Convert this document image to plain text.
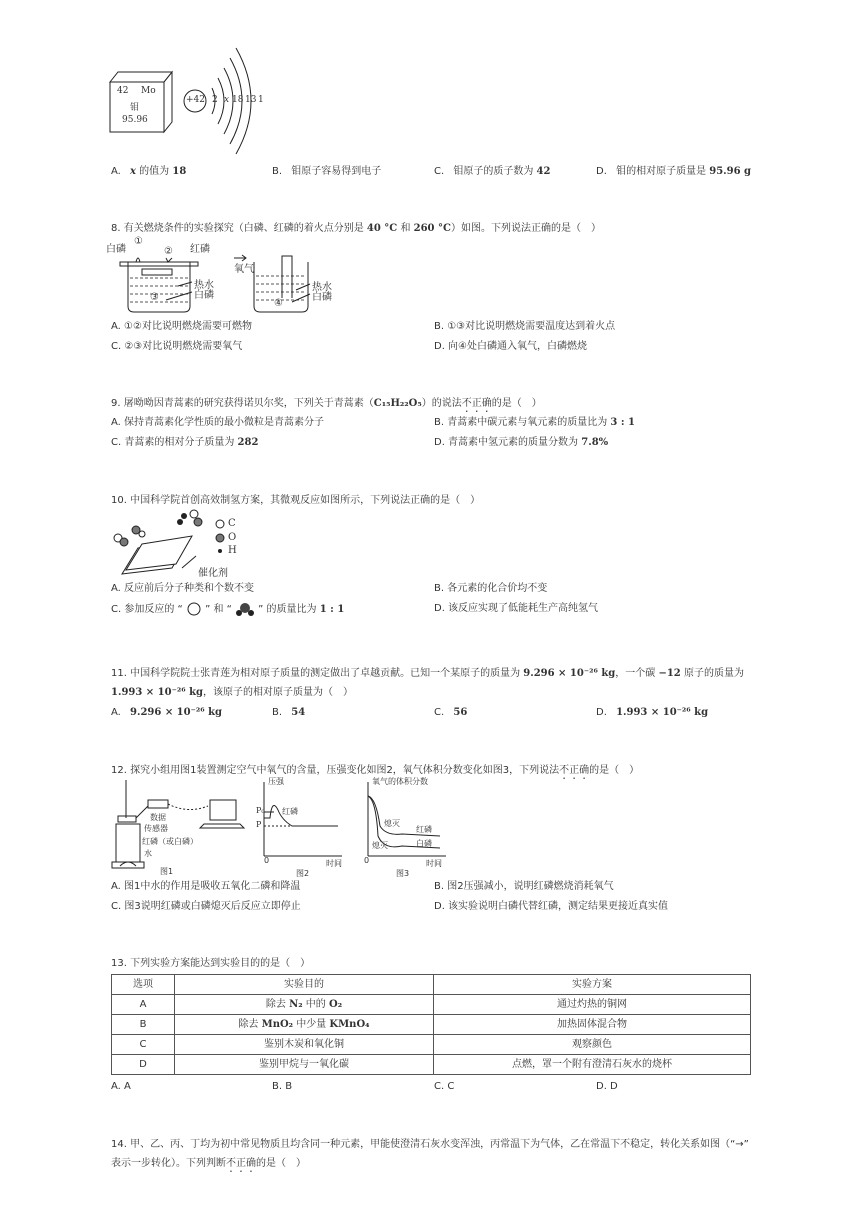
42 Mo
钼
95.96
+42 2 x 18 13 1
A. x 的值为 18	B. 钼原子容易得到电子	C. 钼原子的质子数为 42	D. 钼的相对原子质量是 95.96 g
8. 有关燃烧条件的实验探究（白磷、红磷的着火点分别是 40 °C 和 260 °C）如图。下列说法正确的是（　）
白磷
①
② 红磷
热水
白磷
③
氧气
热水
白磷
④
A. ①②对比说明燃烧需要可燃物	B. ①③对比说明燃烧需要温度达到着火点
C. ②③对比说明燃烧需要氧气	D. 向④处白磷通入氧气，白磷燃烧
9. 屠呦呦因青蒿素的研究获得诺贝尔奖，下列关于青蒿素（C₁₅H₂₂O₅）的说法不正确的是（　）
A. 保持青蒿素化学性质的最小微粒是青蒿素分子	B. 青蒿素中碳元素与氧元素的质量比为 3 : 1
C. 青蒿素的相对分子质量为 282	D. 青蒿素中氢元素的质量分数为 7.8%
10. 中国科学院首创高效制氢方案，其微观反应如图所示，下列说法正确的是（　）
C
O
H
催化剂
A. 反应前后分子种类和个数不变	B. 各元素的化合价均不变
C. 参加反应的 “ ” 和 “	” 的质量比为 1 : 1	D. 该反应实现了低能耗生产高纯氢气
11. 中国科学院院士张青莲为相对原子质量的测定做出了卓越贡献。已知一个某原子的质量为 9.296 × 10⁻²⁶ kg，一个碳 −12 原子的质量为
1.993 × 10⁻²⁶ kg，该原子的相对原子质量为（　）
A. 9.296 × 10⁻²⁶ kg	B. 54	C. 56	D. 1.993 × 10⁻²⁶ kg
12. 探究小组用图1装置测定空气中氧气的含量，压强变化如图2，氧气体积分数变化如图3，下列说法不正确的是（　）
数据
传感器
红磷（或白磷）
水
图1
压强
P₀
P
红磷
0	时间
图2
氧气的体积分数
熄灭
熄灭
红磷
白磷
0	时间
图3
A. 图1中水的作用是吸收五氧化二磷和降温	B. 图2压强减小，说明红磷燃烧消耗氧气
C. 图3说明红磷或白磷熄灭后反应立即停止	D. 该实验说明白磷代替红磷，测定结果更接近真实值
13. 下列实验方案能达到实验目的的是（　）
选项	实验目的	实验方案
A	除去 N₂ 中的 O₂	通过灼热的铜网
B	除去 MnO₂ 中少量 KMnO₄	加热固体混合物
C	鉴别木炭和氧化铜	观察颜色
D	鉴别甲烷与一氧化碳	点燃，罩一个附有澄清石灰水的烧杯
A. A	B. B	C. C	D. D
14. 甲、乙、丙、丁均为初中常见物质且均含同一种元素，甲能使澄清石灰水变浑浊，丙常温下为气体，乙在常温下不稳定，转化关系如图（“→”
表示一步转化）。下列判断不正确的是（　）
